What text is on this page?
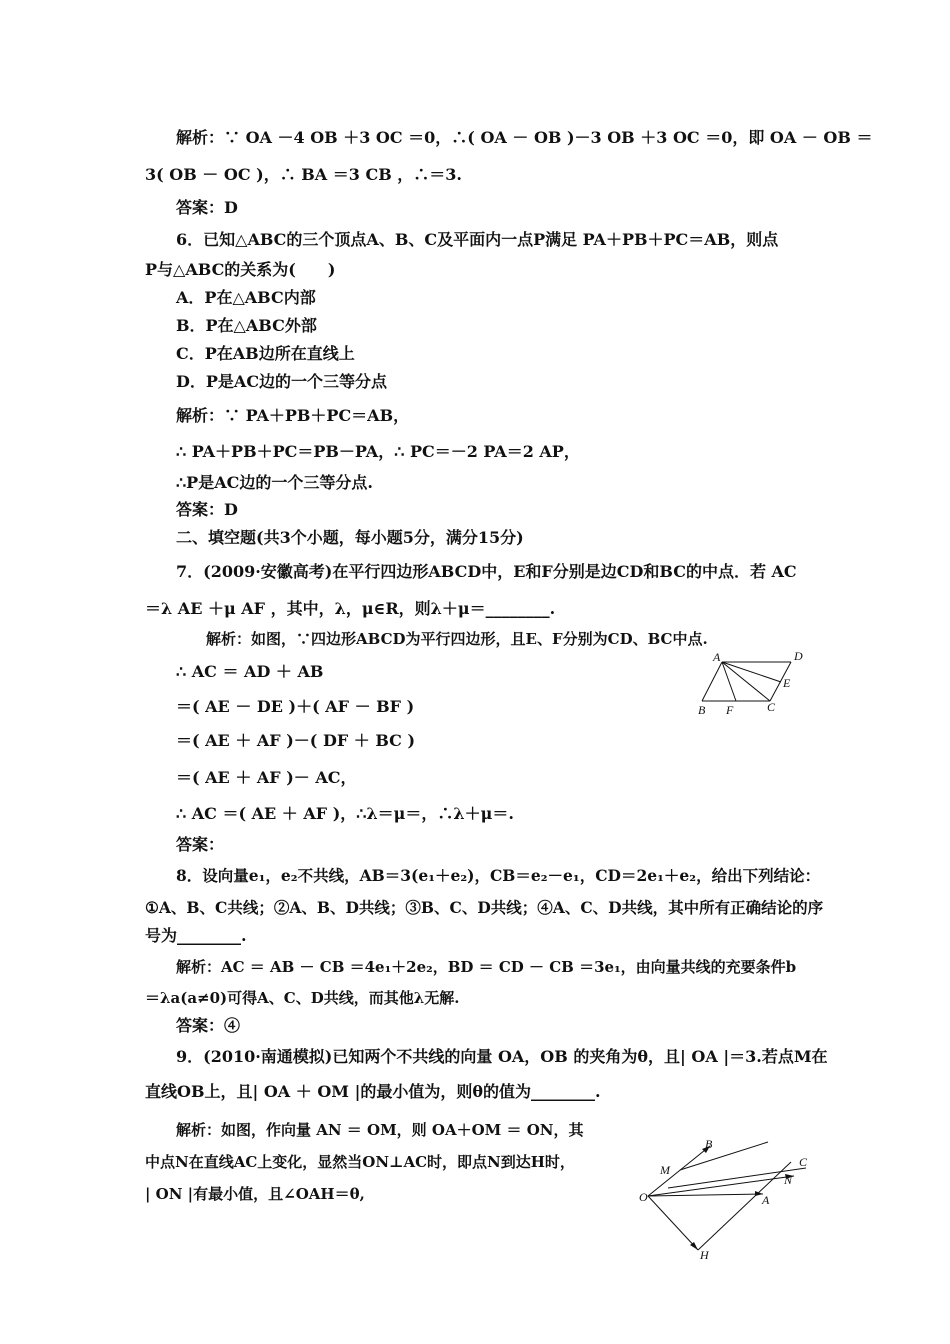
解析：∵ OA －4 OB ＋3 OC ＝0，∴( OA － OB )－3 OB ＋3 OC ＝0，即 OA － OB ＝
3( OB － OC )，∴ BA ＝3 CB ，∴＝3.
答案：D
6．已知△ABC的三个顶点A、B、C及平面内一点P满足 PA＋PB＋PC＝AB，则点
P与△ABC的关系为(　　)
A．P在△ABC内部
B．P在△ABC外部
C．P在AB边所在直线上
D．P是AC边的一个三等分点
解析：∵ PA＋PB＋PC＝AB，
∴ PA＋PB＋PC＝PB－PA，∴ PC＝－2 PA＝2 AP，
∴P是AC边的一个三等分点.
答案：D
二、填空题(共3个小题，每小题5分，满分15分)
7．(2009·安徽高考)在平行四边形ABCD中，E和F分别是边CD和BC的中点．若 AC
＝λ AE ＋μ AF ，其中，λ，μ∈R，则λ＋μ＝________.
解析：如图，∵四边形ABCD为平行四边形，且E、F分别为CD、BC中点.
∴ AC ＝ AD ＋ AB
＝( AE － DE )＋( AF － BF )
＝( AE ＋ AF )－( DF ＋ BC )
＝( AE ＋ AF )－ AC，
∴ AC ＝( AE ＋ AF )，∴λ＝μ＝，∴λ＋μ＝.
答案：
8．设向量e₁，e₂不共线，AB＝3(e₁＋e₂)，CB＝e₂－e₁，CD＝2e₁＋e₂，给出下列结论：
①A、B、C共线；②A、B、D共线；③B、C、D共线；④A、C、D共线，其中所有正确结论的序
号为________.
解析：AC ＝ AB － CB ＝4e₁＋2e₂，BD ＝ CD － CB ＝3e₁，由向量共线的充要条件b
＝λa(a≠0)可得A、C、D共线，而其他λ无解.
答案：④
9．(2010·南通模拟)已知两个不共线的向量 OA，OB 的夹角为θ，且| OA |＝3.若点M在
直线OB上，且| OA ＋ OM |的最小值为，则θ的值为________.
解析：如图，作向量 AN ＝ OM，则 OA＋OM ＝ ON，其
中点N在直线AC上变化，显然当ON⊥AC时，即点N到达H时，
| ON |有最小值，且∠OAH＝θ,
A	D
E
B F	C
B
M
C
N
O	A
H
